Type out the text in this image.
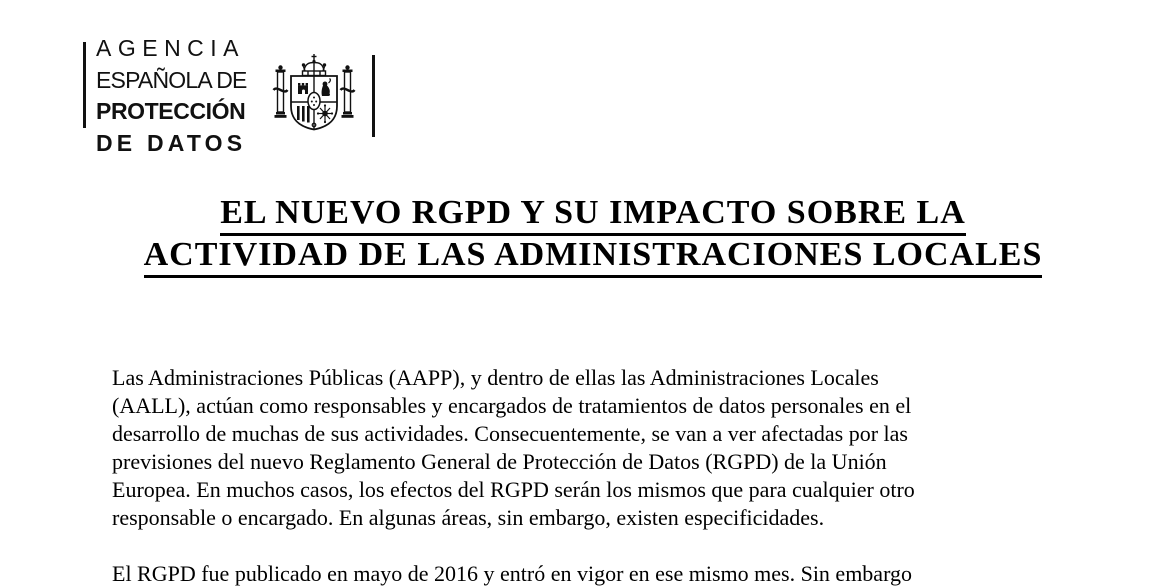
AGENCIA
ESPAÑOLA DE
PROTECCIÓN
DE DATOS
EL NUEVO RGPD Y SU IMPACTO SOBRE LA
ACTIVIDAD DE LAS ADMINISTRACIONES LOCALES
Las Administraciones Públicas (AAPP), y dentro de ellas las Administraciones Locales
(AALL), actúan como responsables y encargados de tratamientos de datos personales en el
desarrollo de muchas de sus actividades. Consecuentemente, se van a ver afectadas por las
previsiones del nuevo Reglamento General de Protección de Datos (RGPD) de la Unión
Europea. En muchos casos, los efectos del RGPD serán los mismos que para cualquier otro
responsable o encargado. En algunas áreas, sin embargo, existen especificidades.
El RGPD fue publicado en mayo de 2016 y entró en vigor en ese mismo mes. Sin embargo
